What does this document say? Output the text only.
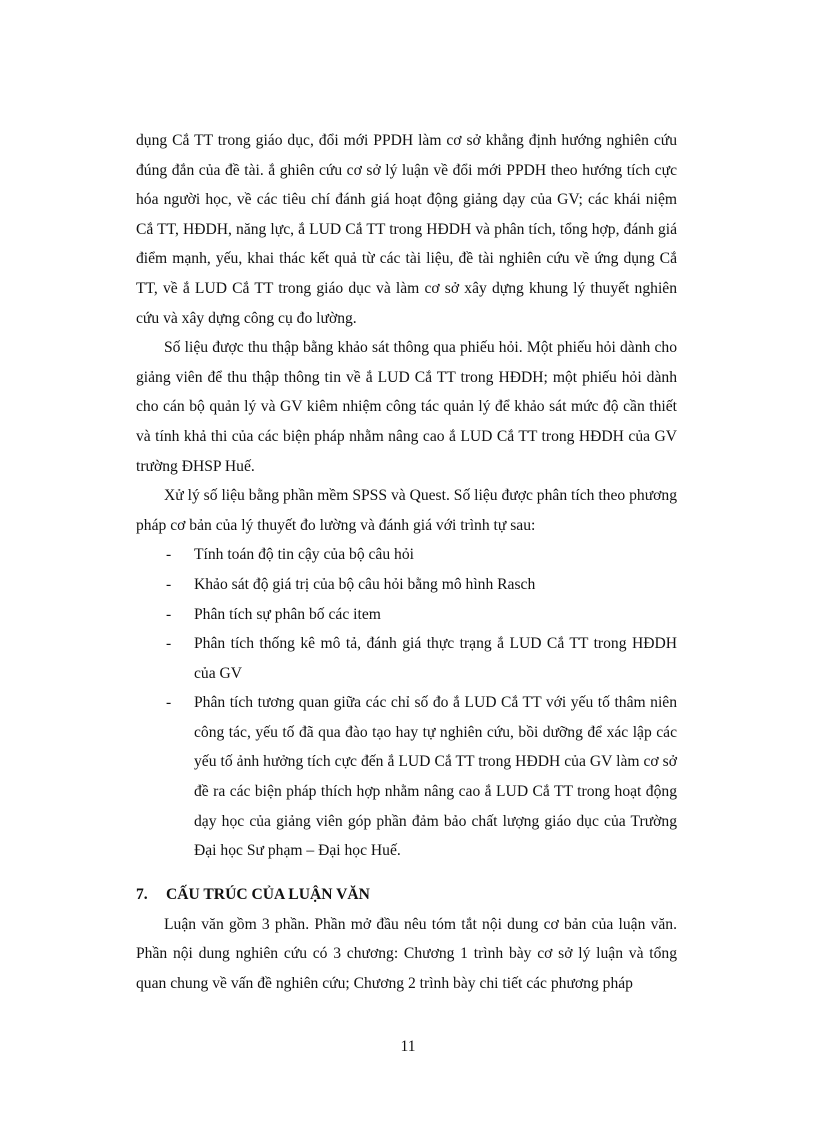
dụng Cắ TT trong giáo dục, đổi mới PPDH làm cơ sở khẳng định hướng nghiên cứu đúng đắn của đề tài. ắ ghiên cứu cơ sở lý luận về đổi mới PPDH theo hướng tích cực hóa người học, về các tiêu chí đánh giá hoạt động giảng dạy của GV; các khái niệm Cắ TT, HĐDH, năng lực, ắ LUD Cắ TT trong HĐDH và phân tích, tổng hợp, đánh giá điểm mạnh, yếu, khai thác kết quả từ các tài liệu, đề tài nghiên cứu về ứng dụng Cắ TT, về ắ LUD Cắ TT trong giáo dục và làm cơ sở xây dựng khung lý thuyết nghiên cứu và xây dựng công cụ đo lường.

Số liệu được thu thập bằng khảo sát thông qua phiếu hỏi. Một phiếu hỏi dành cho giảng viên để thu thập thông tin về ắ LUD Cắ TT trong HĐDH; một phiếu hỏi dành cho cán bộ quản lý và GV kiêm nhiệm công tác quản lý để khảo sát mức độ cần thiết và tính khả thi của các biện pháp nhằm nâng cao ắ LUD Cắ TT trong HĐDH của GV trường ĐHSP Huế.

Xử lý số liệu bằng phần mềm SPSS và Quest. Số liệu được phân tích theo phương pháp cơ bản của lý thuyết đo lường và đánh giá với trình tự sau:

- Tính toán độ tin cậy của bộ câu hỏi
- Khảo sát độ giá trị của bộ câu hỏi bằng mô hình Rasch
- Phân tích sự phân bố các item
- Phân tích thống kê mô tả, đánh giá thực trạng ắ LUD Cắ TT trong HĐDH của GV
- Phân tích tương quan giữa các chỉ số đo ắ LUD Cắ TT với yếu tố thâm niên công tác, yếu tố đã qua đào tạo hay tự nghiên cứu, bồi dưỡng để xác lập các yếu tố ảnh hưởng tích cực đến ắ LUD Cắ TT trong HĐDH của GV làm cơ sở đề ra các biện pháp thích hợp nhằm nâng cao ắ LUD Cắ TT trong hoạt động dạy học của giảng viên góp phần đảm bảo chất lượng giáo dục của Trường Đại học Sư phạm – Đại học Huế.
7. CẤU TRÚC CỦA LUẬN VĂN

Luận văn gồm 3 phần. Phần mở đầu nêu tóm tắt nội dung cơ bản của luận văn. Phần nội dung nghiên cứu có 3 chương: Chương 1 trình bày cơ sở lý luận và tổng quan chung về vấn đề nghiên cứu; Chương 2 trình bày chi tiết các phương pháp

11
